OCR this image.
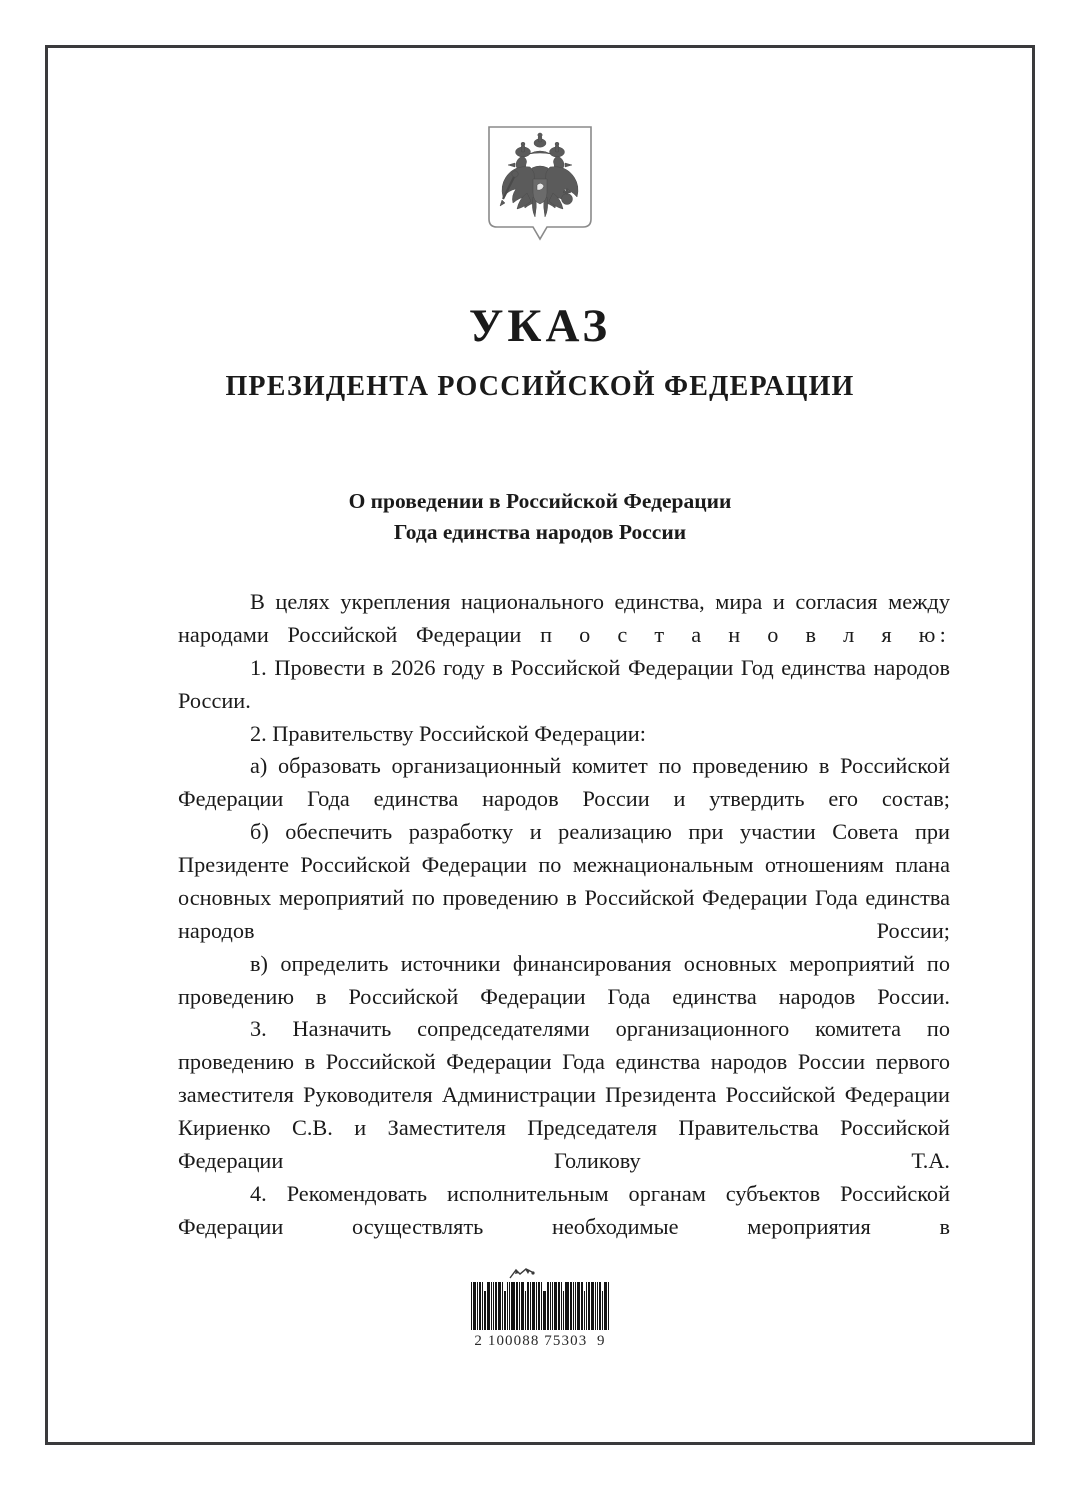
УКАЗ
ПРЕЗИДЕНТА РОССИЙСКОЙ ФЕДЕРАЦИИ
О проведении в Российской Федерации
Года единства народов России

В целях укрепления национального единства, мира и согласия между народами Российской Федерации п о с т а н о в л я ю:

1. Провести в 2026 году в Российской Федерации Год единства народов России.

2. Правительству Российской Федерации:

а) образовать организационный комитет по проведению в Российской Федерации Года единства народов России и утвердить его состав;

б) обеспечить разработку и реализацию при участии Совета при Президенте Российской Федерации по межнациональным отношениям плана основных мероприятий по проведению в Российской Федерации Года единства народов России;

в) определить источники финансирования основных мероприятий по проведению в Российской Федерации Года единства народов России.

3. Назначить сопредседателями организационного комитета по проведению в Российской Федерации Года единства народов России первого заместителя Руководителя Администрации Президента Российской Федерации Кириенко С.В. и Заместителя Председателя Правительства Российской Федерации Голикову Т.А.

4. Рекомендовать исполнительным органам субъектов Российской Федерации осуществлять необходимые мероприятия в

2 100088 75303  9
